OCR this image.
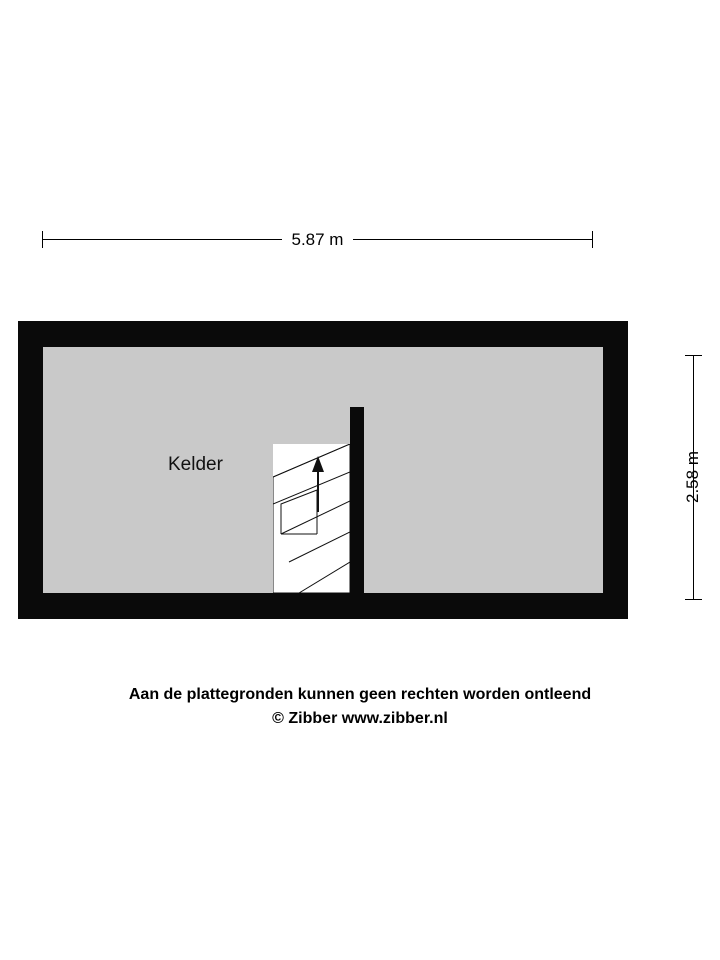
5.87 m
2.58 m
Kelder
Aan de plattegronden kunnen geen rechten worden ontleend
© Zibber www.zibber.nl
